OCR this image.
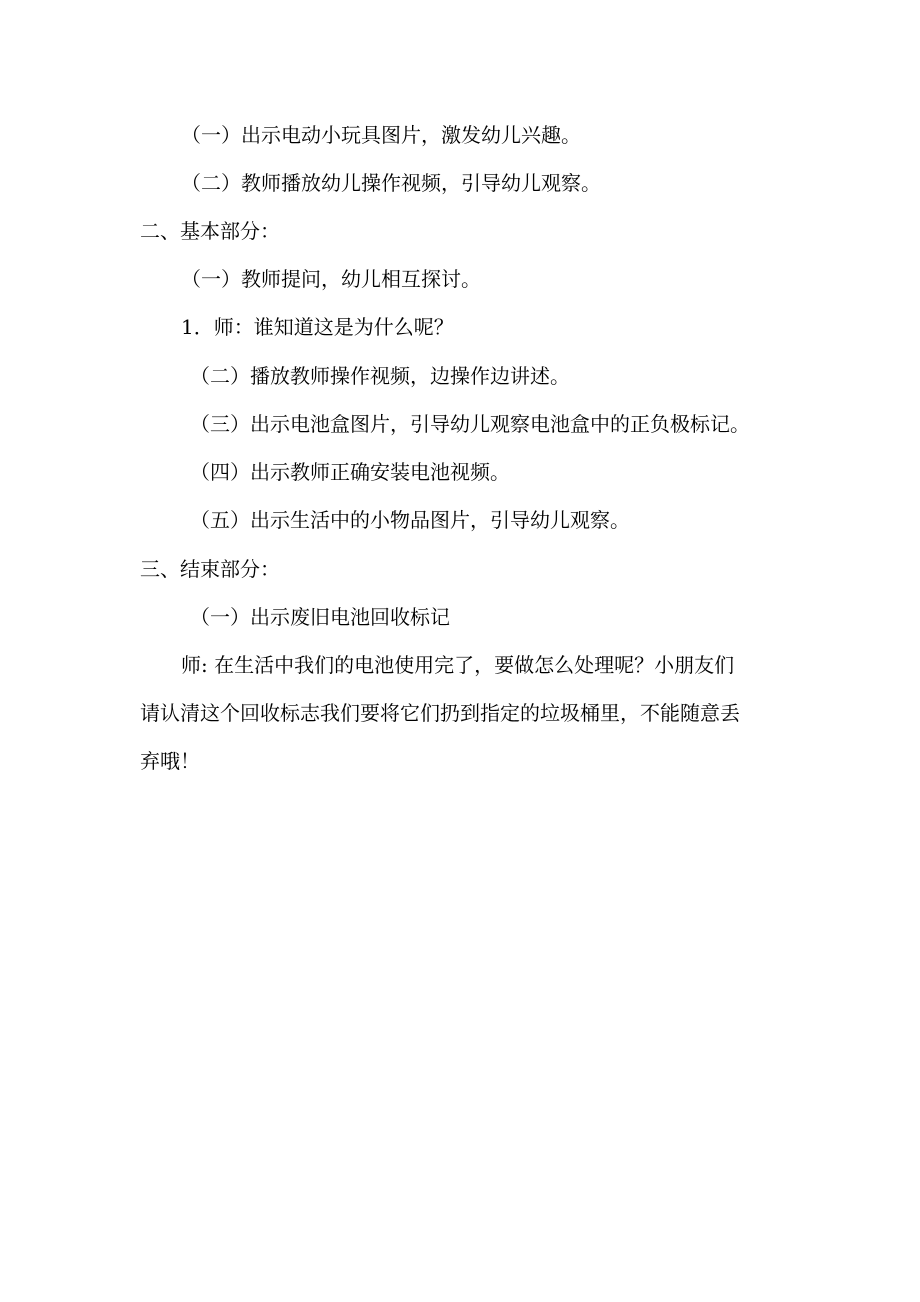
（一）出示电动小玩具图片，激发幼儿兴趣。
（二）教师播放幼儿操作视频，引导幼儿观察。
二、基本部分：
（一）教师提问，幼儿相互探讨。
1．师：谁知道这是为什么呢？
（二）播放教师操作视频，边操作边讲述。
（三）出示电池盒图片，引导幼儿观察电池盒中的正负极标记。
（四）出示教师正确安装电池视频。
（五）出示生活中的小物品图片，引导幼儿观察。
三、结束部分：
（一）出示废旧电池回收标记
师: 在生活中我们的电池使用完了，要做怎么处理呢？小朋友们
请认清这个回收标志我们要将它们扔到指定的垃圾桶里，不能随意丢
弃哦！
